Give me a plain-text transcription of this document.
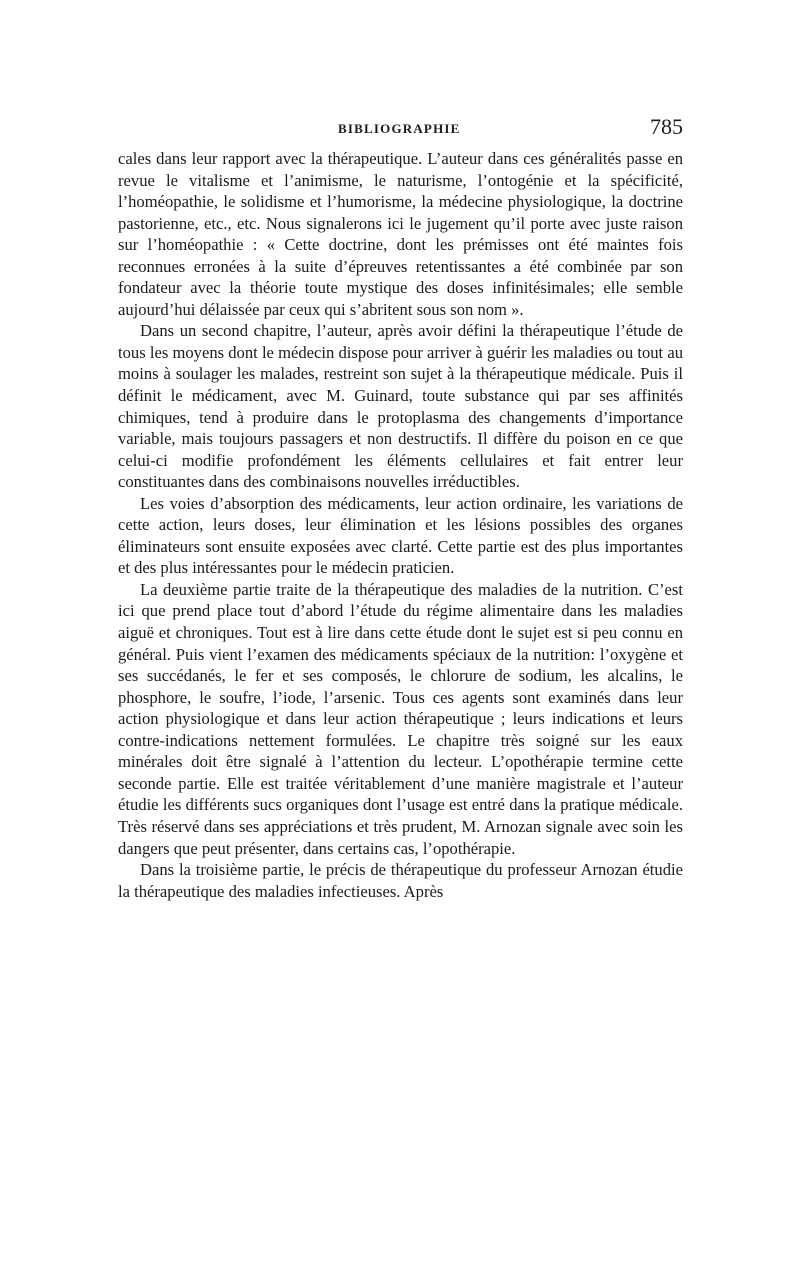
BIBLIOGRAPHIE	785

cales dans leur rapport avec la thérapeutique. L’auteur dans ces généralités passe en revue le vitalisme et l’animisme, le naturisme, l’ontogénie et la spécificité, l’homéopathie, le solidisme et l’humorisme, la médecine physiologique, la doctrine pastorienne, etc., etc. Nous signalerons ici le jugement qu’il porte avec juste raison sur l’homéopathie : « Cette doctrine, dont les prémisses ont été maintes fois reconnues erronées à la suite d’épreuves retentissantes a été combinée par son fondateur avec la théorie toute mystique des doses infinitésimales; elle semble aujourd’hui délaissée par ceux qui s’abritent sous son nom ».

Dans un second chapitre, l’auteur, après avoir défini la thérapeutique l’étude de tous les moyens dont le médecin dispose pour arriver à guérir les maladies ou tout au moins à soulager les malades, restreint son sujet à la thérapeutique médicale. Puis il définit le médicament, avec M. Guinard, toute substance qui par ses affinités chimiques, tend à produire dans le protoplasma des changements d’importance variable, mais toujours passagers et non destructifs. Il diffère du poison en ce que celui-ci modifie profondément les éléments cellulaires et fait entrer leur constituantes dans des combinaisons nouvelles irréductibles.

Les voies d’absorption des médicaments, leur action ordinaire, les variations de cette action, leurs doses, leur élimination et les lésions possibles des organes éliminateurs sont ensuite exposées avec clarté. Cette partie est des plus importantes et des plus intéressantes pour le médecin praticien.

La deuxième partie traite de la thérapeutique des maladies de la nutrition. C’est ici que prend place tout d’abord l’étude du régime alimentaire dans les maladies aiguë et chroniques. Tout est à lire dans cette étude dont le sujet est si peu connu en général. Puis vient l’examen des médicaments spéciaux de la nutrition: l’oxygène et ses succédanés, le fer et ses composés, le chlorure de sodium, les alcalins, le phosphore, le soufre, l’iode, l’arsenic. Tous ces agents sont examinés dans leur action physiologique et dans leur action thérapeutique ; leurs indications et leurs contre-indications nettement formulées. Le chapitre très soigné sur les eaux minérales doit être signalé à l’attention du lecteur. L’opothérapie termine cette seconde partie. Elle est traitée véritablement d’une manière magistrale et l’auteur étudie les différents sucs organiques dont l’usage est entré dans la pratique médicale. Très réservé dans ses appréciations et très prudent, M. Arnozan signale avec soin les dangers que peut présenter, dans certains cas, l’opothérapie.

Dans la troisième partie, le précis de thérapeutique du professeur Arnozan étudie la thérapeutique des maladies infectieuses. Après
